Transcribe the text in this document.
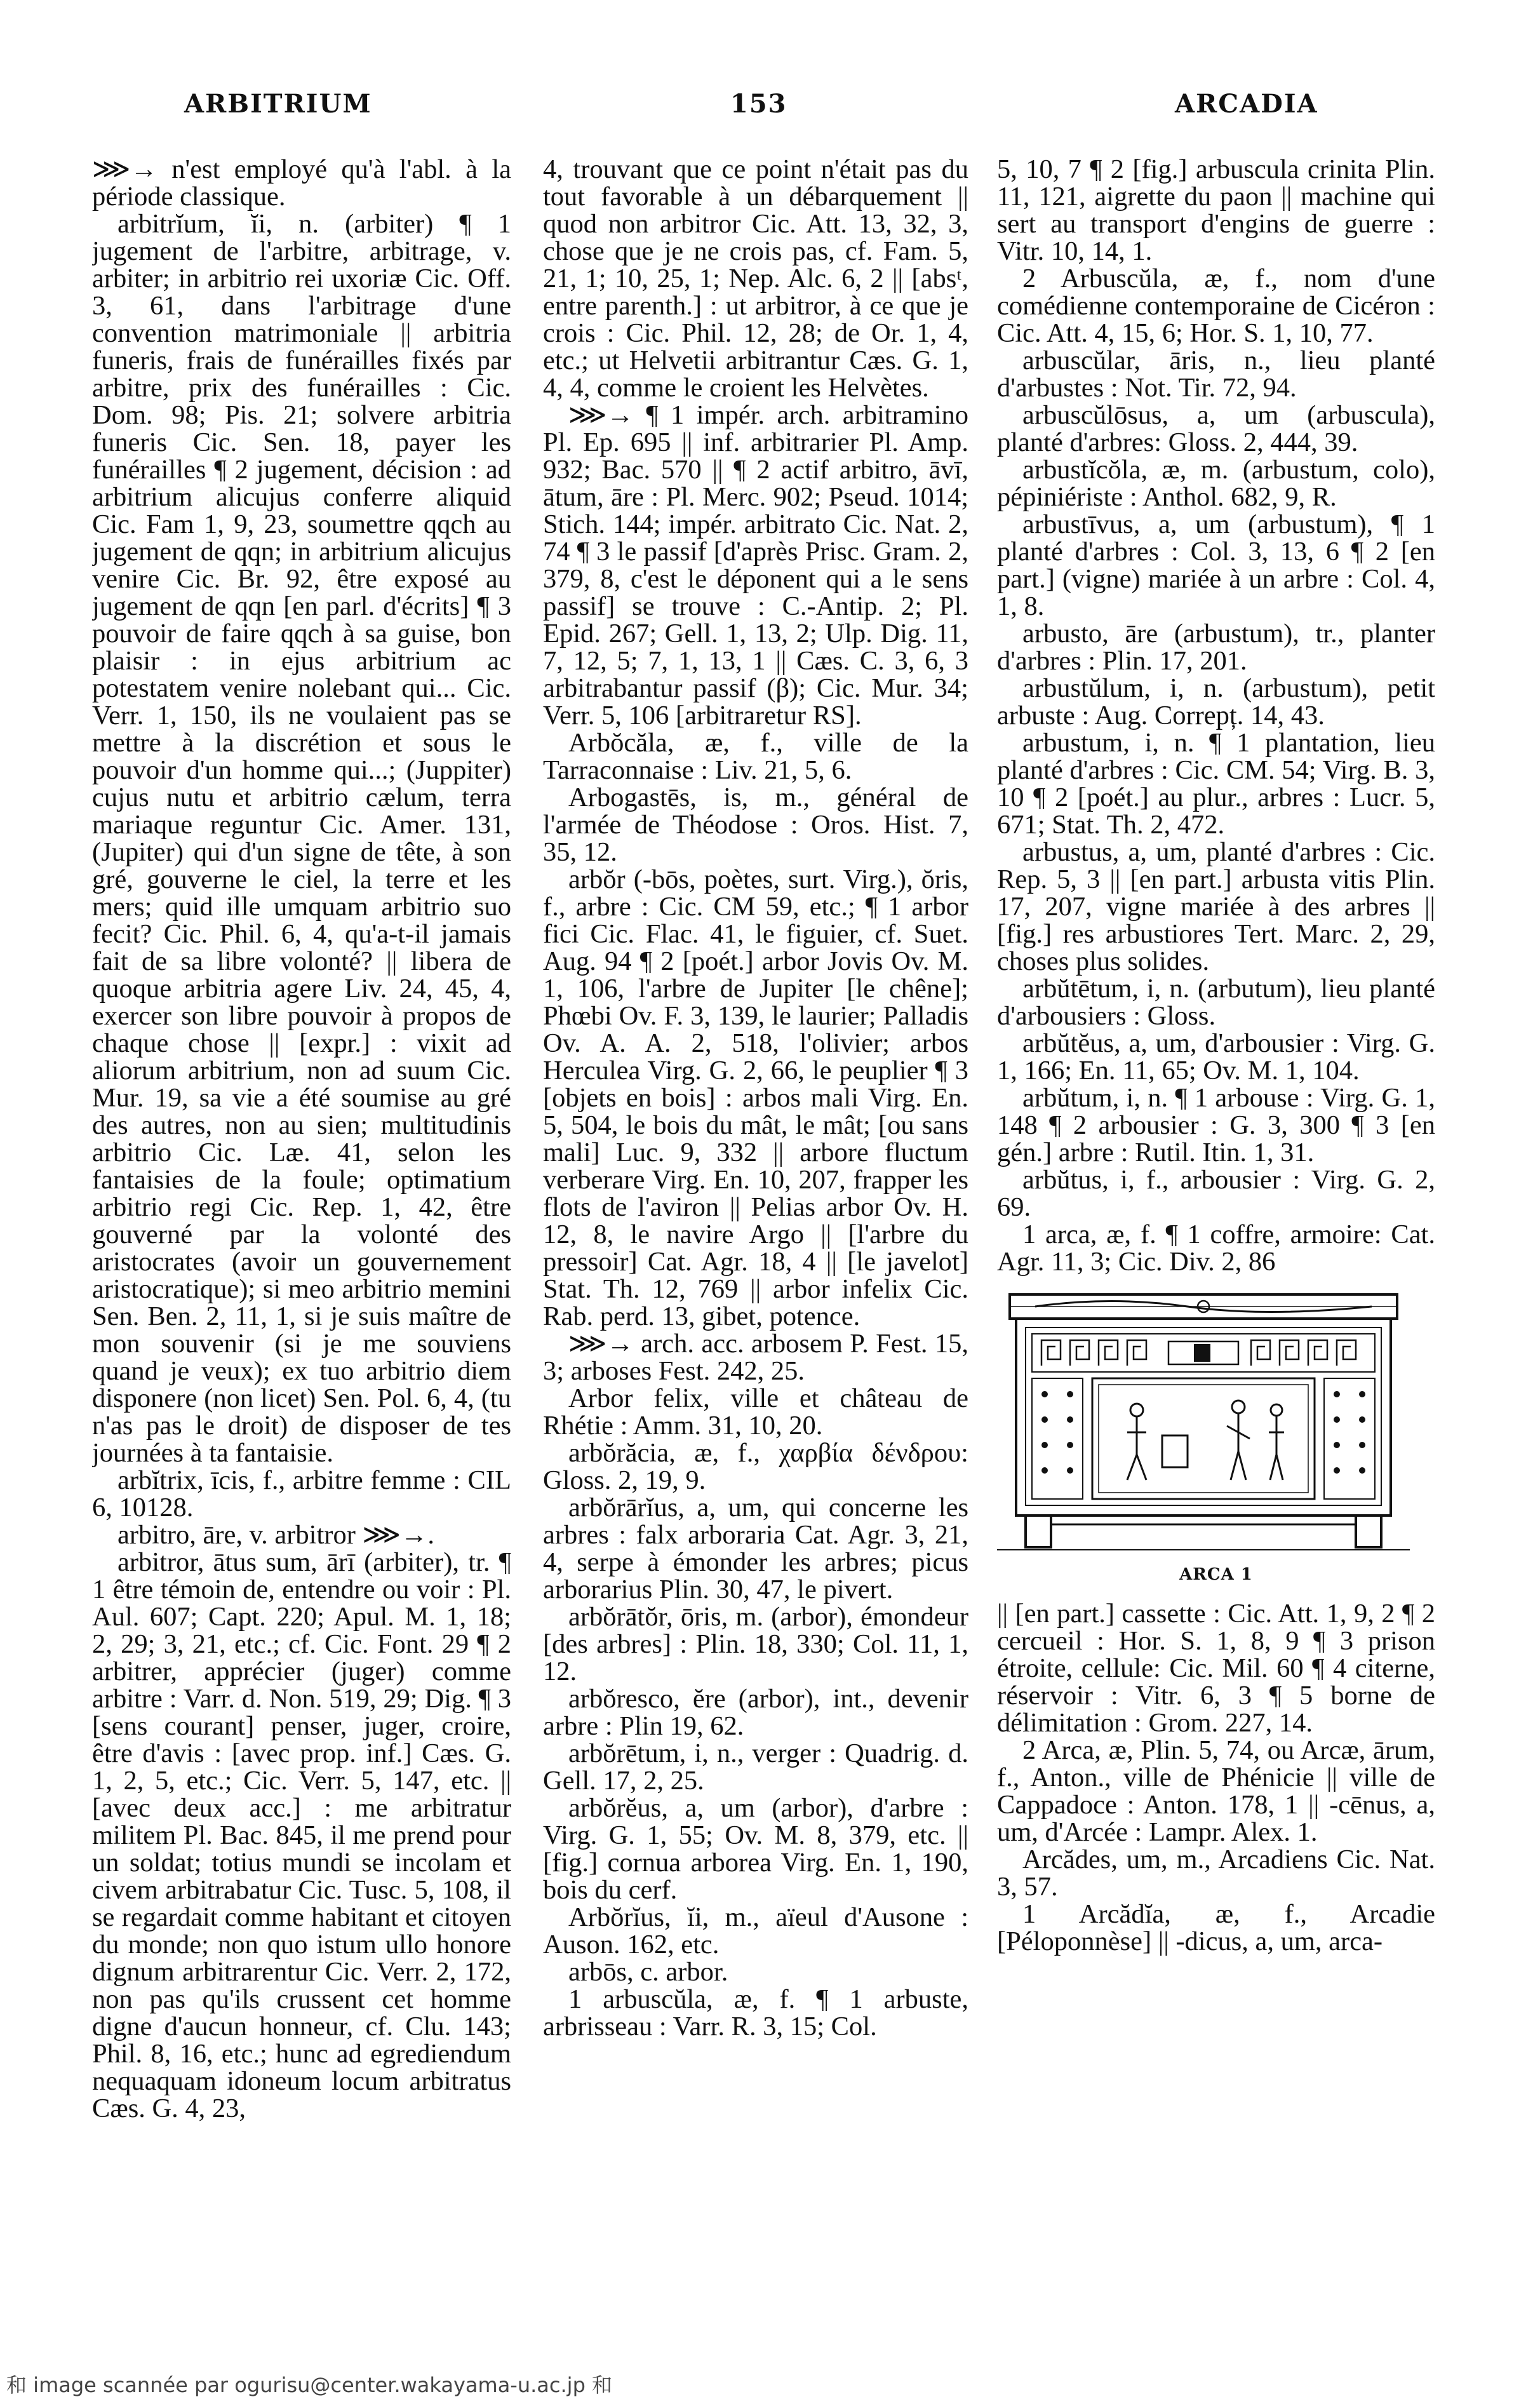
ARBITRIUM	153	ARCADIA

⋙→ n'est employé qu'à l'abl. à la période classique.

arbitrĭum, ĭi, n. (arbiter) ¶ 1 jugement de l'arbitre, arbitrage, v. arbiter; in arbitrio rei uxoriæ Cic. Off. 3, 61, dans l'arbitrage d'une convention matrimoniale || arbitria funeris, frais de funérailles fixés par arbitre, prix des funérailles : Cic. Dom. 98; Pis. 21; solvere arbitria funeris Cic. Sen. 18, payer les funérailles ¶ 2 jugement, décision : ad arbitrium alicujus conferre aliquid Cic. Fam 1, 9, 23, soumettre qqch au jugement de qqn; in arbitrium alicujus venire Cic. Br. 92, être exposé au jugement de qqn [en parl. d'écrits] ¶ 3 pouvoir de faire qqch à sa guise, bon plaisir : in ejus arbitrium ac potestatem venire nolebant qui... Cic. Verr. 1, 150, ils ne voulaient pas se mettre à la discrétion et sous le pouvoir d'un homme qui...; (Juppiter) cujus nutu et arbitrio cælum, terra mariaque reguntur Cic. Amer. 131, (Jupiter) qui d'un signe de tête, à son gré, gouverne le ciel, la terre et les mers; quid ille umquam arbitrio suo fecit? Cic. Phil. 6, 4, qu'a-t-il jamais fait de sa libre volonté? || libera de quoque arbitria agere Liv. 24, 45, 4, exercer son libre pouvoir à propos de chaque chose || [expr.] : vixit ad aliorum arbitrium, non ad suum Cic. Mur. 19, sa vie a été soumise au gré des autres, non au sien; multitudinis arbitrio Cic. Læ. 41, selon les fantaisies de la foule; optimatium arbitrio regi Cic. Rep. 1, 42, être gouverné par la volonté des aristocrates (avoir un gouvernement aristocratique); si meo arbitrio memini Sen. Ben. 2, 11, 1, si je suis maître de mon souvenir (si je me souviens quand je veux); ex tuo arbitrio diem disponere (non licet) Sen. Pol. 6, 4, (tu n'as pas le droit) de disposer de tes journées à ta fantaisie.

arbĭtrix, īcis, f., arbitre femme : CIL 6, 10128.

arbitro, āre, v. arbitror ⋙→.

arbitror, ātus sum, ārī (arbiter), tr. ¶ 1 être témoin de, entendre ou voir : Pl. Aul. 607; Capt. 220; Apul. M. 1, 18; 2, 29; 3, 21, etc.; cf. Cic. Font. 29 ¶ 2 arbitrer, apprécier (juger) comme arbitre : Varr. d. Non. 519, 29; Dig. ¶ 3 [sens courant] penser, juger, croire, être d'avis : [avec prop. inf.] Cæs. G. 1, 2, 5, etc.; Cic. Verr. 5, 147, etc. || [avec deux acc.] : me arbitratur militem Pl. Bac. 845, il me prend pour un soldat; totius mundi se incolam et civem arbitrabatur Cic. Tusc. 5, 108, il se regardait comme habitant et citoyen du monde; non quo istum ullo honore dignum arbitrarentur Cic. Verr. 2, 172, non pas qu'ils crussent cet homme digne d'aucun honneur, cf. Clu. 143; Phil. 8, 16, etc.; hunc ad egrediendum nequaquam idoneum locum arbitratus Cæs. G. 4, 23,

4, trouvant que ce point n'était pas du tout favorable à un débarquement || quod non arbitror Cic. Att. 13, 32, 3, chose que je ne crois pas, cf. Fam. 5, 21, 1; 10, 25, 1; Nep. Alc. 6, 2 || [absᵗ, entre parenth.] : ut arbitror, à ce que je crois : Cic. Phil. 12, 28; de Or. 1, 4, etc.; ut Helvetii arbitrantur Cæs. G. 1, 4, 4, comme le croient les Helvètes.

⋙→ ¶ 1 impér. arch. arbitramino Pl. Ep. 695 || inf. arbitrarier Pl. Amp. 932; Bac. 570 || ¶ 2 actif arbitro, āvī, ātum, āre : Pl. Merc. 902; Pseud. 1014; Stich. 144; impér. arbitrato Cic. Nat. 2, 74 ¶ 3 le passif [d'après Prisc. Gram. 2, 379, 8, c'est le déponent qui a le sens passif] se trouve : C.-Antip. 2; Pl. Epid. 267; Gell. 1, 13, 2; Ulp. Dig. 11, 7, 12, 5; 7, 1, 13, 1 || Cæs. C. 3, 6, 3 arbitrabantur passif (β); Cic. Mur. 34; Verr. 5, 106 [arbitraretur RS].

Arbŏcăla, æ, f., ville de la Tarraconnaise : Liv. 21, 5, 6.

Arbogastēs, is, m., général de l'armée de Théodose : Oros. Hist. 7, 35, 12.

arbŏr (-bōs, poètes, surt. Virg.), ŏris, f., arbre : Cic. CM 59, etc.; ¶ 1 arbor fici Cic. Flac. 41, le figuier, cf. Suet. Aug. 94 ¶ 2 [poét.] arbor Jovis Ov. M. 1, 106, l'arbre de Jupiter [le chêne]; Phœbi Ov. F. 3, 139, le laurier; Palladis Ov. A. A. 2, 518, l'olivier; arbos Herculea Virg. G. 2, 66, le peuplier ¶ 3 [objets en bois] : arbos mali Virg. En. 5, 504, le bois du mât, le mât; [ou sans mali] Luc. 9, 332 || arbore fluctum verberare Virg. En. 10, 207, frapper les flots de l'aviron || Pelias arbor Ov. H. 12, 8, le navire Argo || [l'arbre du pressoir] Cat. Agr. 18, 4 || [le javelot] Stat. Th. 12, 769 || arbor infelix Cic. Rab. perd. 13, gibet, potence.

⋙→ arch. acc. arbosem P. Fest. 15, 3; arboses Fest. 242, 25.

Arbor felix, ville et château de Rhétie : Amm. 31, 10, 20.

arbŏrăcia, æ, f., χαρβία δένδρου: Gloss. 2, 19, 9.

arbŏrārĭus, a, um, qui concerne les arbres : falx arboraria Cat. Agr. 3, 21, 4, serpe à émonder les arbres; picus arborarius Plin. 30, 47, le pivert.

arbŏrātŏr, ōris, m. (arbor), émondeur [des arbres] : Plin. 18, 330; Col. 11, 1, 12.

arbŏresco, ĕre (arbor), int., devenir arbre : Plin 19, 62.

arbŏrētum, i, n., verger : Quadrig. d. Gell. 17, 2, 25.

arbŏrĕus, a, um (arbor), d'arbre : Virg. G. 1, 55; Ov. M. 8, 379, etc. || [fig.] cornua arborea Virg. En. 1, 190, bois du cerf.

Arbŏrĭus, ĭi, m., aïeul d'Ausone : Auson. 162, etc.

arbōs, c. arbor.

1 arbuscŭla, æ, f. ¶ 1 arbuste, arbrisseau : Varr. R. 3, 15; Col.

5, 10, 7 ¶ 2 [fig.] arbuscula crinita Plin. 11, 121, aigrette du paon || machine qui sert au transport d'engins de guerre : Vitr. 10, 14, 1.

2 Arbuscŭla, æ, f., nom d'une comédienne contemporaine de Cicéron : Cic. Att. 4, 15, 6; Hor. S. 1, 10, 77.

arbuscŭlar, āris, n., lieu planté d'arbustes : Not. Tir. 72, 94.

arbuscŭlōsus, a, um (arbuscula), planté d'arbres: Gloss. 2, 444, 39.

arbustĭcŏla, æ, m. (arbustum, colo), pépiniériste : Anthol. 682, 9, R.

arbustīvus, a, um (arbustum), ¶ 1 planté d'arbres : Col. 3, 13, 6 ¶ 2 [en part.] (vigne) mariée à un arbre : Col. 4, 1, 8.

arbusto, āre (arbustum), tr., planter d'arbres : Plin. 17, 201.

arbustŭlum, i, n. (arbustum), petit arbuste : Aug. Correpț. 14, 43.

arbustum, i, n. ¶ 1 plantation, lieu planté d'arbres : Cic. CM. 54; Virg. B. 3, 10 ¶ 2 [poét.] au plur., arbres : Lucr. 5, 671; Stat. Th. 2, 472.

arbustus, a, um, planté d'arbres : Cic. Rep. 5, 3 || [en part.] arbusta vitis Plin. 17, 207, vigne mariée à des arbres || [fig.] res arbustiores Tert. Marc. 2, 29, choses plus solides.

arbŭtētum, i, n. (arbutum), lieu planté d'arbousiers : Gloss.

arbŭtĕus, a, um, d'arbousier : Virg. G. 1, 166; En. 11, 65; Ov. M. 1, 104.

arbŭtum, i, n. ¶ 1 arbouse : Virg. G. 1, 148 ¶ 2 arbousier : G. 3, 300 ¶ 3 [en gén.] arbre : Rutil. Itin. 1, 31.

arbŭtus, i, f., arbousier : Virg. G. 2, 69.

1 arca, æ, f. ¶ 1 coffre, armoire: Cat. Agr. 11, 3; Cic. Div. 2, 86

ARCA 1

|| [en part.] cassette : Cic. Att. 1, 9, 2 ¶ 2 cercueil : Hor. S. 1, 8, 9 ¶ 3 prison étroite, cellule: Cic. Mil. 60 ¶ 4 citerne, réservoir : Vitr. 6, 3 ¶ 5 borne de délimitation : Grom. 227, 14.

2 Arca, æ, Plin. 5, 74, ou Arcæ, ārum, f., Anton., ville de Phénicie || ville de Cappadoce : Anton. 178, 1 || -cēnus, a, um, d'Arcée : Lampr. Alex. 1.

Arcădes, um, m., Arcadiens Cic. Nat. 3, 57.

1 Arcădĭa, æ, f., Arcadie [Péloponnèse] || -dicus, a, um, arca-

和 image scannée par ogurisu@center.wakayama-u.ac.jp 和
